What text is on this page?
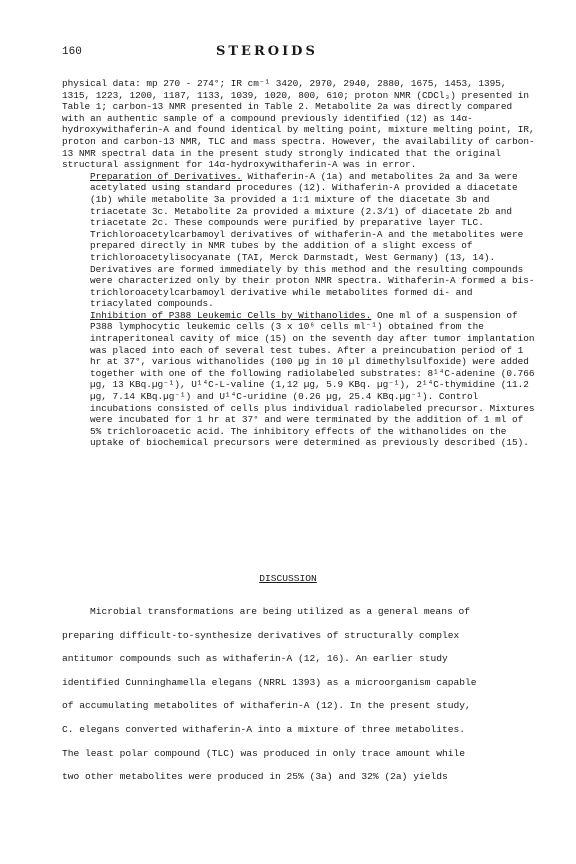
160	STEROIDS

physical data: mp 270 - 274°; IR cm⁻¹ 3420, 2970, 2940, 2880, 1675, 1453, 1395, 1315, 1223, 1200, 1187, 1133, 1039, 1020, 800, 610; proton NMR (CDCl₃) presented in Table 1; carbon-13 NMR presented in Table 2. Metabolite 2a was directly compared with an authentic sample of a compound previously identified (12) as 14α-hydroxywithaferin-A and found identical by melting point, mixture melting point, IR, proton and carbon-13 NMR, TLC and mass spectra. However, the availability of carbon-13 NMR spectral data in the present study strongly indicated that the original structural assignment for 14α-hydroxywithaferin-A was in error.

Preparation of Derivatives. Withaferin-A (1a) and metabolites 2a and 3a were acetylated using standard procedures (12). Withaferin-A provided a diacetate (1b) while metabolite 3a provided a 1:1 mixture of the diacetate 3b and triacetate 3c. Metabolite 2a provided a mixture (2.3/1) of diacetate 2b and triacetate 2c. These compounds were purified by preparative layer TLC.

Trichloroacetylcarbamoyl derivatives of withaferin-A and the metabolites were prepared directly in NMR tubes by the addition of a slight excess of trichloroacetylisocyanate (TAI, Merck Darmstadt, West Germany) (13, 14). Derivatives are formed immediately by this method and the resulting compounds were characterized only by their proton NMR spectra. Withaferin-A formed a bis-trichloroacetylcarbamoyl derivative while metabolites formed di- and triacylated compounds.

Inhibition of P388 Leukemic Cells by Withanolides. One ml of a suspension of P388 lymphocytic leukemic cells (3 x 10⁶ cells ml⁻¹) obtained from the intraperitoneal cavity of mice (15) on the seventh day after tumor implantation was placed into each of several test tubes. After a preincubation period of 1 hr at 37°, various withanolides (100 µg in 10 µl dimethylsulfoxide) were added together with one of the following radiolabeled substrates: 8¹⁴C-adenine (0.766 µg, 13 KBq.µg⁻¹), U¹⁴C-L-valine (1,12 µg, 5.9 KBq. µg⁻¹), 2¹⁴C-thymidine (11.2 µg, 7.14 KBq.µg⁻¹) and U¹⁴C-uridine (0.26 µg, 25.4 KBq.µg⁻¹). Control incubations consisted of cells plus individual radiolabeled precursor. Mixtures were incubated for 1 hr at 37° and were terminated by the addition of 1 ml of 5% trichloroacetic acid. The inhibitory effects of the withanolides on the uptake of biochemical precursors were determined as previously described (15).

DISCUSSION
Microbial transformations are being utilized as a general means of
preparing difficult-to-synthesize derivatives of structurally complex
antitumor compounds such as withaferin-A (12, 16). An earlier study
identified Cunninghamella elegans (NRRL 1393) as a microorganism capable
of accumulating metabolites of withaferin-A (12). In the present study,
C. elegans converted withaferin-A into a mixture of three metabolites.
The least polar compound (TLC) was produced in only trace amount while
two other metabolites were produced in 25% (3a) and 32% (2a) yields
